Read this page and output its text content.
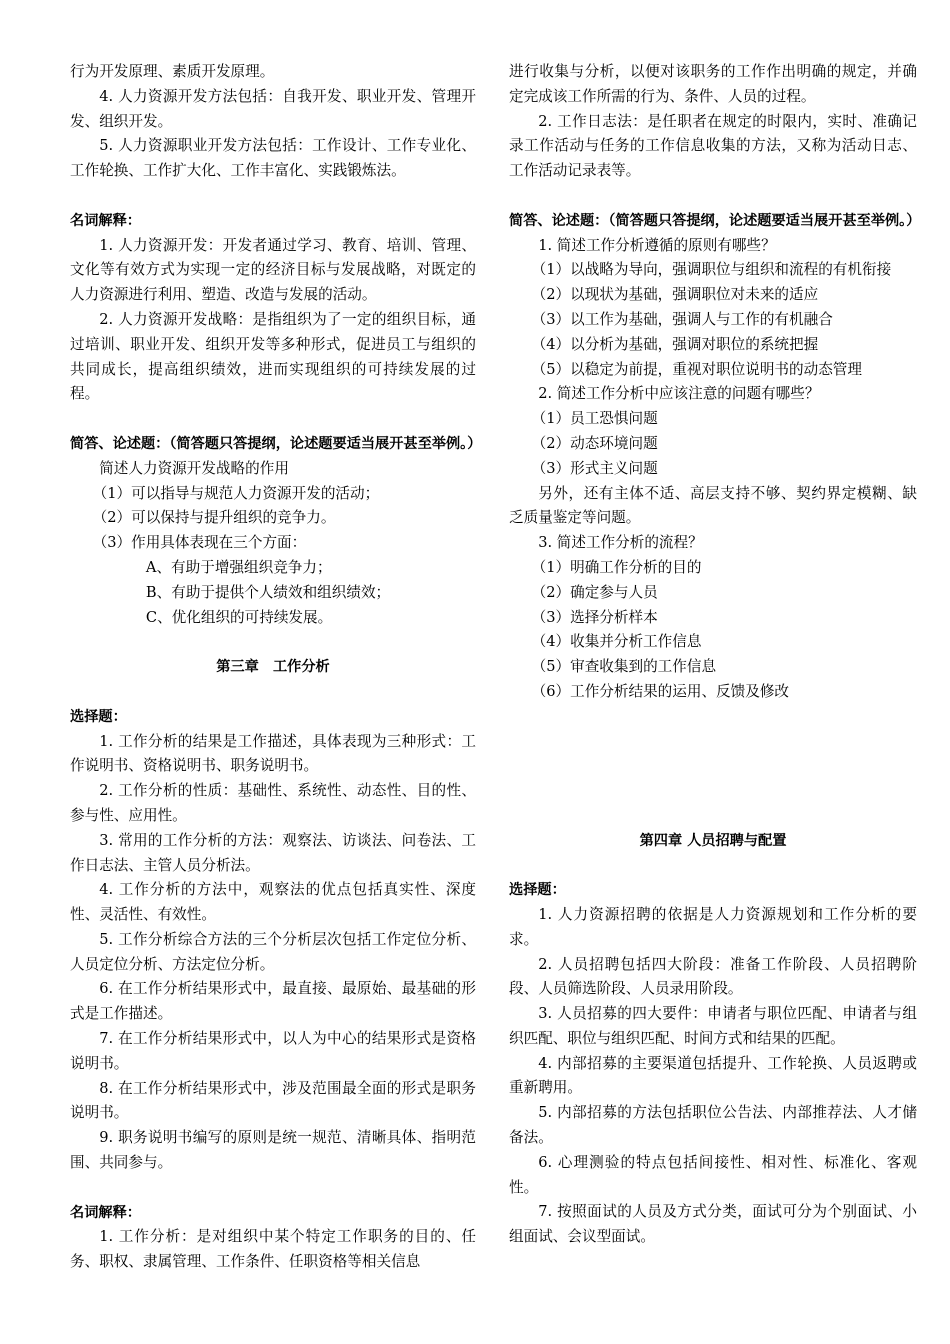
行为开发原理、素质开发原理。

4. 人力资源开发方法包括：自我开发、职业开发、管理开发、组织开发。

5. 人力资源职业开发方法包括：工作设计、工作专业化、工作轮换、工作扩大化、工作丰富化、实践锻炼法。

名词解释：

1. 人力资源开发：开发者通过学习、教育、培训、管理、文化等有效方式为实现一定的经济目标与发展战略，对既定的人力资源进行利用、塑造、改造与发展的活动。

2. 人力资源开发战略：是指组织为了一定的组织目标，通过培训、职业开发、组织开发等多种形式，促进员工与组织的共同成长，提高组织绩效，进而实现组织的可持续发展的过程。

简答、论述题：（简答题只答提纲，论述题要适当展开甚至举例。）

简述人力资源开发战略的作用

（1）可以指导与规范人力资源开发的活动；

（2）可以保持与提升组织的竞争力。

（3）作用具体表现在三个方面：

A、有助于增强组织竞争力；

B、有助于提供个人绩效和组织绩效；

C、优化组织的可持续发展。

第三章　工作分析

选择题：

1. 工作分析的结果是工作描述，具体表现为三种形式：工作说明书、资格说明书、职务说明书。

2. 工作分析的性质：基础性、系统性、动态性、目的性、参与性、应用性。

3. 常用的工作分析的方法：观察法、访谈法、问卷法、工作日志法、主管人员分析法。

4. 工作分析的方法中，观察法的优点包括真实性、深度性、灵活性、有效性。

5. 工作分析综合方法的三个分析层次包括工作定位分析、人员定位分析、方法定位分析。

6. 在工作分析结果形式中，最直接、最原始、最基础的形式是工作描述。

7. 在工作分析结果形式中，以人为中心的结果形式是资格说明书。

8. 在工作分析结果形式中，涉及范围最全面的形式是职务说明书。

9. 职务说明书编写的原则是统一规范、清晰具体、指明范围、共同参与。

名词解释：

1. 工作分析：是对组织中某个特定工作职务的目的、任务、职权、隶属管理、工作条件、任职资格等相关信息

进行收集与分析，以便对该职务的工作作出明确的规定，并确定完成该工作所需的行为、条件、人员的过程。

2. 工作日志法：是任职者在规定的时限内，实时、准确记录工作活动与任务的工作信息收集的方法，又称为活动日志、工作活动记录表等。

简答、论述题：（简答题只答提纲，论述题要适当展开甚至举例。）

1. 简述工作分析遵循的原则有哪些？

（1）以战略为导向，强调职位与组织和流程的有机衔接

（2）以现状为基础，强调职位对未来的适应

（3）以工作为基础，强调人与工作的有机融合

（4）以分析为基础，强调对职位的系统把握

（5）以稳定为前提，重视对职位说明书的动态管理

2. 简述工作分析中应该注意的问题有哪些？

（1）员工恐惧问题

（2）动态环境问题

（3）形式主义问题

另外，还有主体不适、高层支持不够、契约界定模糊、缺乏质量鉴定等问题。

3. 简述工作分析的流程？

（1）明确工作分析的目的

（2）确定参与人员

（3）选择分析样本

（4）收集并分析工作信息

（5）审查收集到的工作信息

（6）工作分析结果的运用、反馈及修改

第四章 人员招聘与配置

选择题：

1. 人力资源招聘的依据是人力资源规划和工作分析的要求。

2. 人员招聘包括四大阶段：准备工作阶段、人员招聘阶段、人员筛选阶段、人员录用阶段。

3. 人员招募的四大要件：申请者与职位匹配、申请者与组织匹配、职位与组织匹配、时间方式和结果的匹配。

4. 内部招募的主要渠道包括提升、工作轮换、人员返聘或重新聘用。

5. 内部招募的方法包括职位公告法、内部推荐法、人才储备法。

6. 心理测验的特点包括间接性、相对性、标准化、客观性。

7. 按照面试的人员及方式分类，面试可分为个别面试、小组面试、会议型面试。
